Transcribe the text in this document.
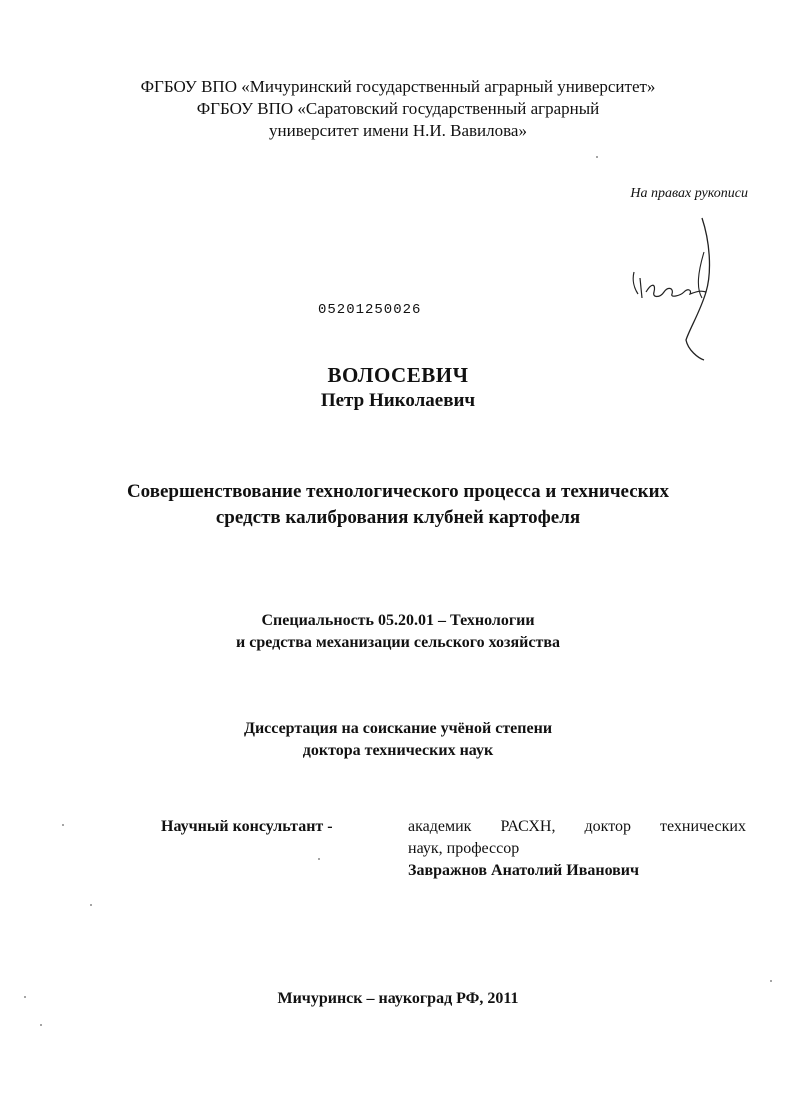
ФГБОУ ВПО «Мичуринский государственный аграрный университет»
ФГБОУ ВПО «Саратовский государственный аграрный
университет имени Н.И. Вавилова»
На правах рукописи
05201250026
ВОЛОСЕВИЧ
Петр Николаевич
Совершенствование технологического процесса и технических
средств калибрования клубней картофеля
Специальность 05.20.01 – Технологии
и средства механизации сельского хозяйства
Диссертация на соискание учёной степени
доктора технических наук
Научный консультант -	академик РАСХН, доктор технических
наук, профессор
Завражнов Анатолий Иванович
Мичуринск – наукоград РФ, 2011
